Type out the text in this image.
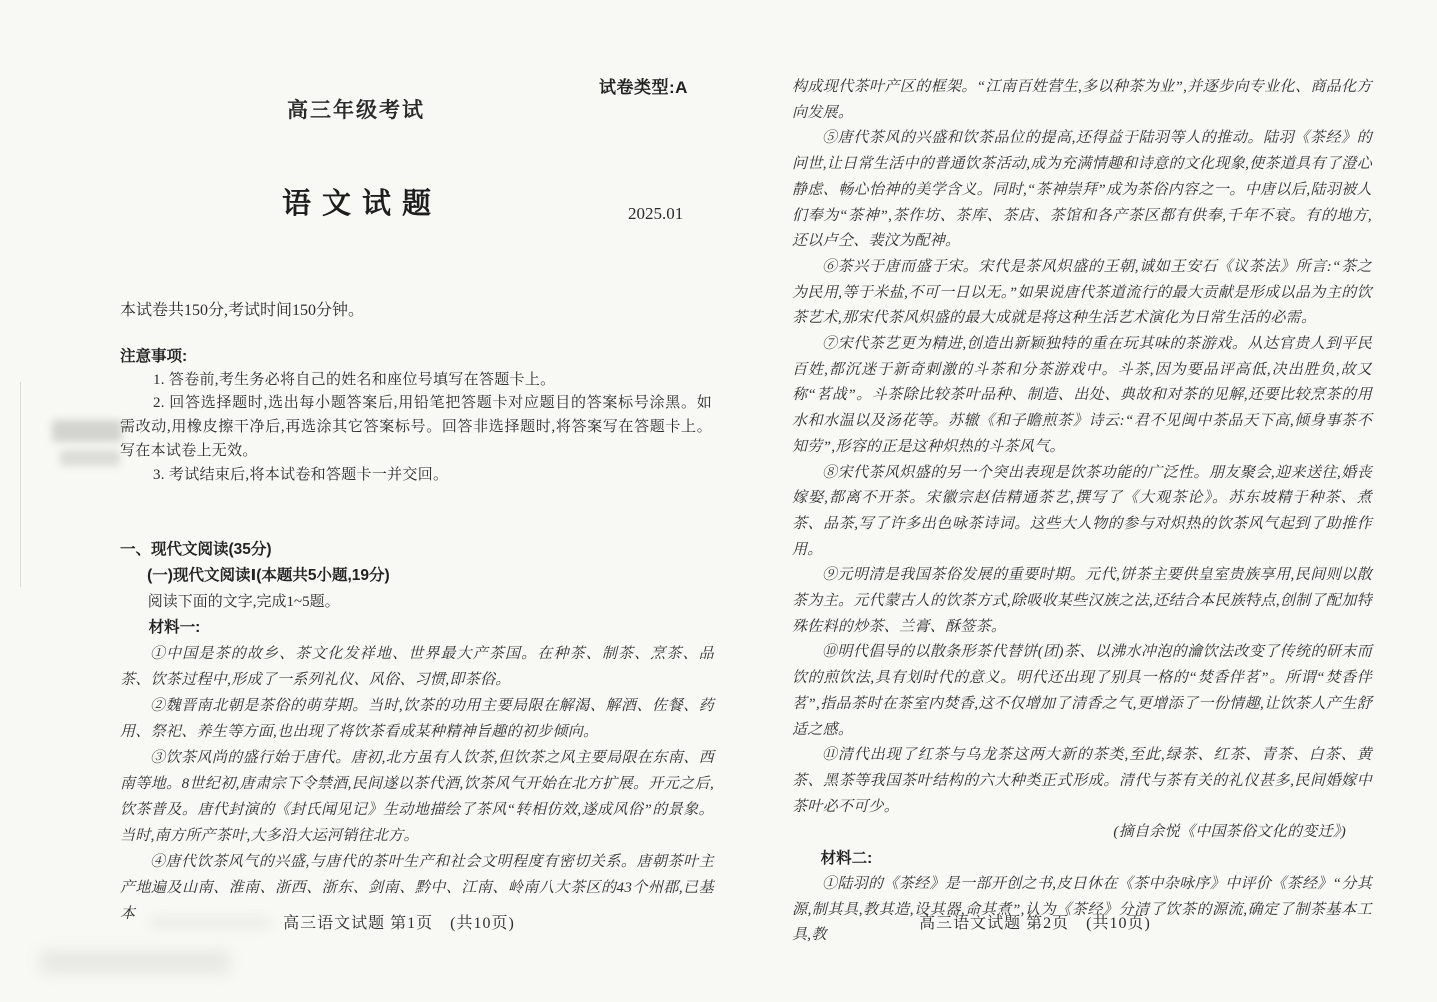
试卷类型:A
高三年级考试
语文试题	2025.01
本试卷共150分,考试时间150分钟。
注意事项:

1. 答卷前,考生务必将自己的姓名和座位号填写在答题卡上。

2. 回答选择题时,选出每小题答案后,用铅笔把答题卡对应题目的答案标号涂黑。如需改动,用橡皮擦干净后,再选涂其它答案标号。回答非选择题时,将答案写在答题卡上。写在本试卷上无效。

3. 考试结束后,将本试卷和答题卡一并交回。

一、现代文阅读(35分)
(一)现代文阅读Ⅰ(本题共5小题,19分)

阅读下面的文字,完成1~5题。

材料一:

①中国是茶的故乡、茶文化发祥地、世界最大产茶国。在种茶、制茶、烹茶、品茶、饮茶过程中,形成了一系列礼仪、风俗、习惯,即茶俗。

②魏晋南北朝是茶俗的萌芽期。当时,饮茶的功用主要局限在解渴、解酒、佐餐、药用、祭祀、养生等方面,也出现了将饮茶看成某种精神旨趣的初步倾向。

③饮茶风尚的盛行始于唐代。唐初,北方虽有人饮茶,但饮茶之风主要局限在东南、西南等地。8世纪初,唐肃宗下令禁酒,民间遂以茶代酒,饮茶风气开始在北方扩展。开元之后,饮茶普及。唐代封演的《封氏闻见记》生动地描绘了茶风“转相仿效,遂成风俗”的景象。当时,南方所产茶叶,大多沿大运河销往北方。

④唐代饮茶风气的兴盛,与唐代的茶叶生产和社会文明程度有密切关系。唐朝茶叶主产地遍及山南、淮南、浙西、浙东、剑南、黔中、江南、岭南八大茶区的43个州郡,已基本

高三语文试题 第1页　(共10页)

构成现代茶叶产区的框架。“江南百姓营生,多以种茶为业”,并逐步向专业化、商品化方向发展。

⑤唐代茶风的兴盛和饮茶品位的提高,还得益于陆羽等人的推动。陆羽《茶经》的问世,让日常生活中的普通饮茶活动,成为充满情趣和诗意的文化现象,使茶道具有了澄心静虑、畅心怡神的美学含义。同时,“茶神崇拜”成为茶俗内容之一。中唐以后,陆羽被人们奉为“茶神”,茶作坊、茶库、茶店、茶馆和各产茶区都有供奉,千年不衰。有的地方,还以卢仝、裴汶为配神。

⑥茶兴于唐而盛于宋。宋代是茶风炽盛的王朝,诚如王安石《议茶法》所言:“茶之为民用,等于米盐,不可一日以无。”如果说唐代茶道流行的最大贡献是形成以品为主的饮茶艺术,那宋代茶风炽盛的最大成就是将这种生活艺术演化为日常生活的必需。

⑦宋代茶艺更为精进,创造出新颖独特的重在玩其味的茶游戏。从达官贵人到平民百姓,都沉迷于新奇刺激的斗茶和分茶游戏中。斗茶,因为要品评高低,决出胜负,故又称“茗战”。斗茶除比较茶叶品种、制造、出处、典故和对茶的见解,还要比较烹茶的用水和水温以及汤花等。苏辙《和子瞻煎茶》诗云:“君不见闽中茶品天下高,倾身事茶不知劳”,形容的正是这种炽热的斗茶风气。

⑧宋代茶风炽盛的另一个突出表现是饮茶功能的广泛性。朋友聚会,迎来送往,婚丧嫁娶,都离不开茶。宋徽宗赵佶精通茶艺,撰写了《大观茶论》。苏东坡精于种茶、煮茶、品茶,写了许多出色咏茶诗词。这些大人物的参与对炽热的饮茶风气起到了助推作用。

⑨元明清是我国茶俗发展的重要时期。元代,饼茶主要供皇室贵族享用,民间则以散茶为主。元代蒙古人的饮茶方式,除吸收某些汉族之法,还结合本民族特点,创制了配加特殊佐料的炒茶、兰膏、酥签茶。

⑩明代倡导的以散条形茶代替饼(团)茶、以沸水冲泡的瀹饮法改变了传统的研末而饮的煎饮法,具有划时代的意义。明代还出现了别具一格的“焚香伴茗”。所谓“焚香伴茗”,指品茶时在茶室内焚香,这不仅增加了清香之气,更增添了一份情趣,让饮茶人产生舒适之感。

⑪清代出现了红茶与乌龙茶这两大新的茶类,至此,绿茶、红茶、青茶、白茶、黄茶、黑茶等我国茶叶结构的六大种类正式形成。清代与茶有关的礼仪甚多,民间婚嫁中茶叶必不可少。

(摘自余悦《中国茶俗文化的变迁》)

材料二:

①陆羽的《茶经》是一部开创之书,皮日休在《茶中杂咏序》中评价《茶经》“分其源,制其具,教其造,设其器,命其煮”,认为《茶经》分清了饮茶的源流,确定了制茶基本工具,教

高三语文试题 第2页　(共10页)
